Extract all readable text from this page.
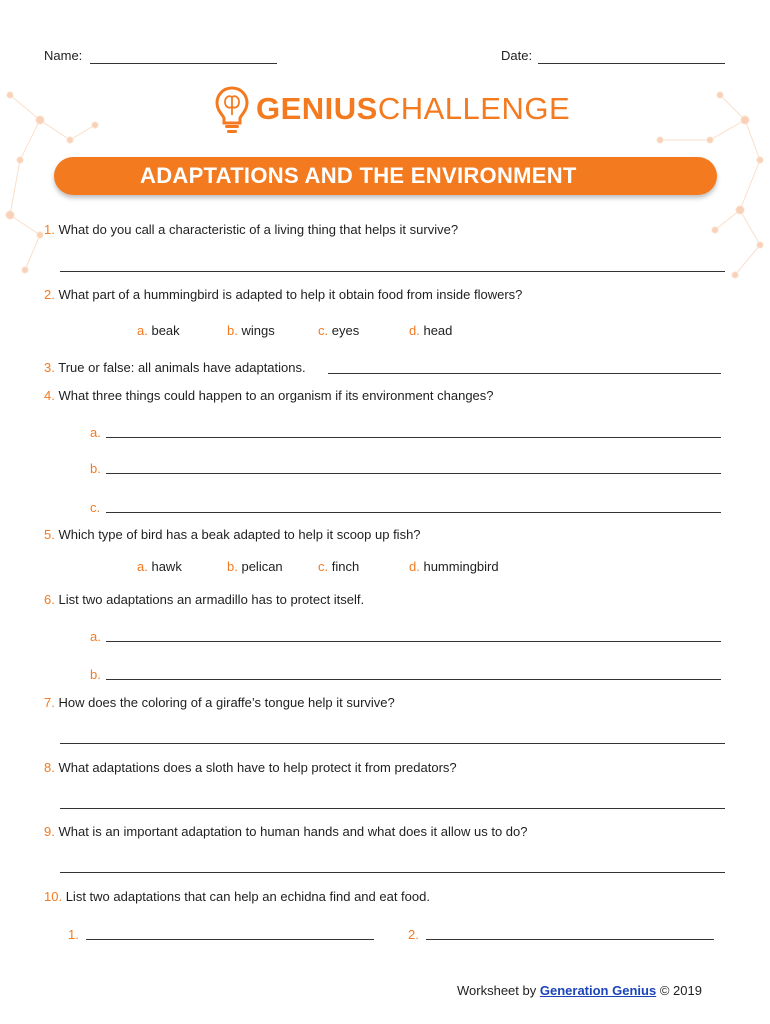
Name:	Date:
GENIUSCHALLENGE
ADAPTATIONS AND THE ENVIRONMENT
1. What do you call a characteristic of a living thing that helps it survive?
2. What part of a hummingbird is adapted to help it obtain food from inside flowers?
a. beak	b. wings	c. eyes	d. head
3. True or false: all animals have adaptations.
4. What three things could happen to an organism if its environment changes?
a.
b.
c.
5. Which type of bird has a beak adapted to help it scoop up fish?
a. hawk	b. pelican	c. finch	d. hummingbird
6. List two adaptations an armadillo has to protect itself.
a.
b.
7. How does the coloring of a giraffe’s tongue help it survive?
8. What adaptations does a sloth have to help protect it from predators?
9. What is an important adaptation to human hands and what does it allow us to do?
10. List two adaptations that can help an echidna find and eat food.
1.	2.
Worksheet by Generation Genius © 2019
